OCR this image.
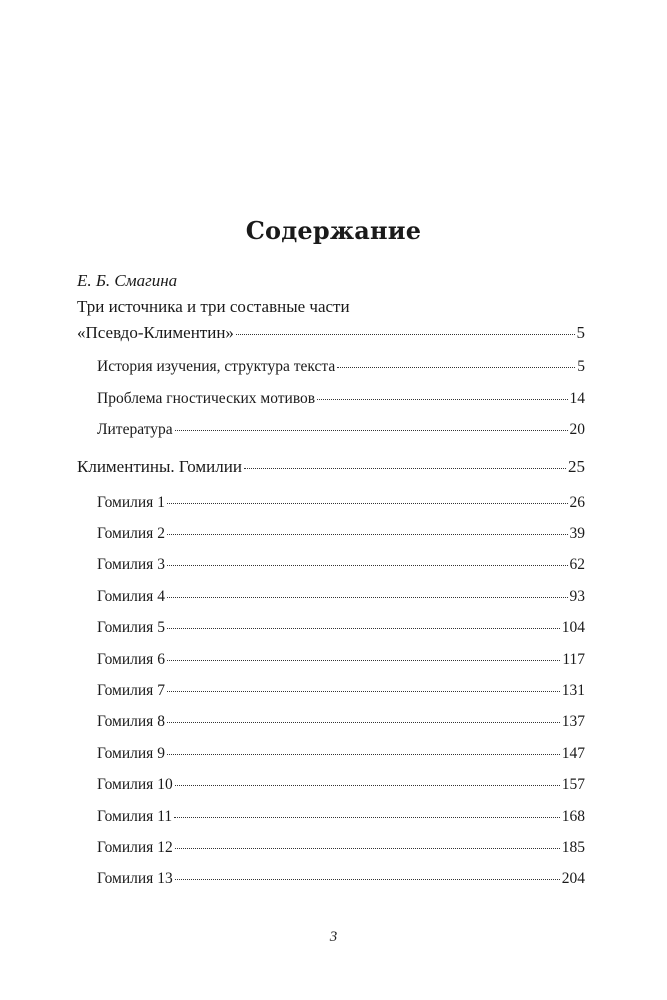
Содержание
Е. Б. Смагина
Три источника и три составные части
«Псевдо-Климентин»	5
История изучения, структура текста	5
Проблема гностических мотивов	14
Литература	20
Климентины. Гомилии	25
Гомилия 1	26
Гомилия 2	39
Гомилия 3	62
Гомилия 4	93
Гомилия 5	104
Гомилия 6	117
Гомилия 7	131
Гомилия 8	137
Гомилия 9	147
Гомилия 10	157
Гомилия 11	168
Гомилия 12	185
Гомилия 13	204
3
